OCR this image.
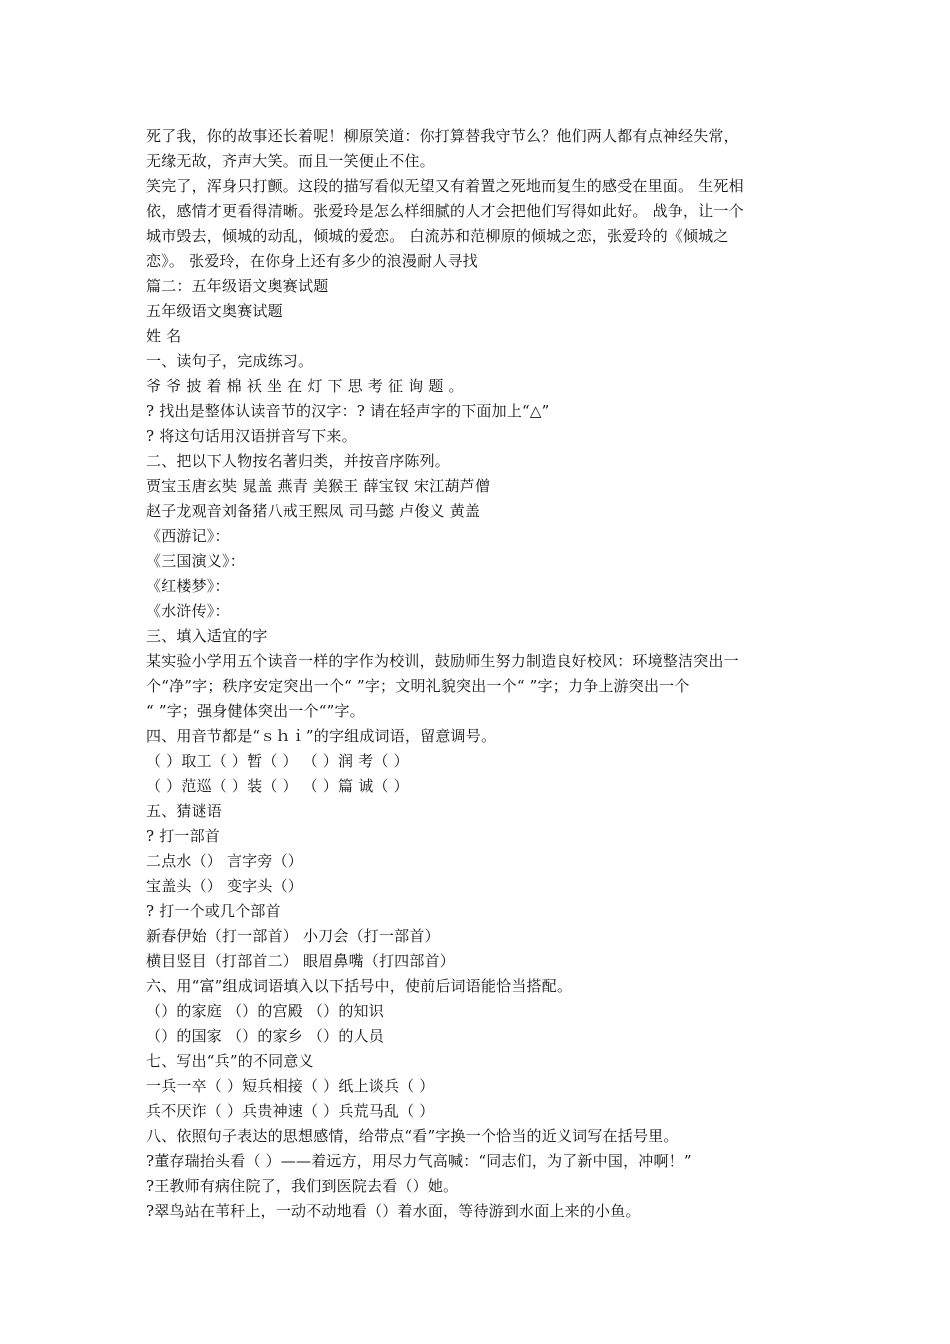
死了我，你的故事还长着呢！柳原笑道：你打算替我守节么？他们两人都有点神经失常，
无缘无故，齐声大笑。而且一笑便止不住。
笑完了，浑身只打颤。这段的描写看似无望又有着置之死地而复生的感受在里面。 生死相
依，感情才更看得清晰。张爱玲是怎么样细腻的人才会把他们写得如此好。 战争，让一个
城市毁去，倾城的动乱，倾城的爱恋。 白流苏和范柳原的倾城之恋，张爱玲的《倾城之
恋》。 张爱玲，在你身上还有多少的浪漫耐人寻找
篇二：五年级语文奥赛试题
五年级语文奥赛试题
姓 名
一、读句子，完成练习。
爷 爷 披 着 棉 袄 坐 在 灯 下 思 考 征 询 题 。
? 找出是整体认读音节的汉字：? 请在轻声字的下面加上“△”
? 将这句话用汉语拼音写下来。
二、把以下人物按名著归类，并按音序陈列。
贾宝玉唐玄奘 晁盖 燕青 美猴王 薛宝钗 宋江葫芦僧
赵子龙观音刘备猪八戒王熙凤 司马懿 卢俊义 黄盖
《西游记》：
《三国演义》：
《红楼梦》：
《水浒传》：
三、填入适宜的字
某实验小学用五个读音一样的字作为校训，鼓励师生努力制造良好校风：环境整洁突出一
个“净”字；秩序安定突出一个“ ”字；文明礼貌突出一个“ ”字；力争上游突出一个
“ ”字；强身健体突出一个“”字。
四、用音节都是“ｓｈｉ”的字组成词语，留意调号。
（ ）取工（ ）暂（ ） （ ）润 考（ ）
（ ）范巡（ ）装（ ） （ ）篇 诚（ ）
五、猜谜语
? 打一部首
二点水（） 言字旁（）
宝盖头（） 变字头（）
? 打一个或几个部首
新春伊始（打一部首） 小刀会（打一部首）
横目竖目（打部首二） 眼眉鼻嘴（打四部首）
六、用“富”组成词语填入以下括号中，使前后词语能恰当搭配。
（）的家庭 （）的宫殿 （）的知识
（）的国家 （）的家乡 （）的人员
七、写出“兵”的不同意义
一兵一卒（ ）短兵相接（ ）纸上谈兵（ ）
兵不厌诈（ ）兵贵神速（ ）兵荒马乱（ ）
八、依照句子表达的思想感情，给带点“看”字换一个恰当的近义词写在括号里。
?董存瑞抬头看（ ）——着远方，用尽力气高喊：“同志们，为了新中国，冲啊！”
?王教师有病住院了，我们到医院去看（）她。
?翠鸟站在苇秆上，一动不动地看（）着水面，等待游到水面上来的小鱼。
